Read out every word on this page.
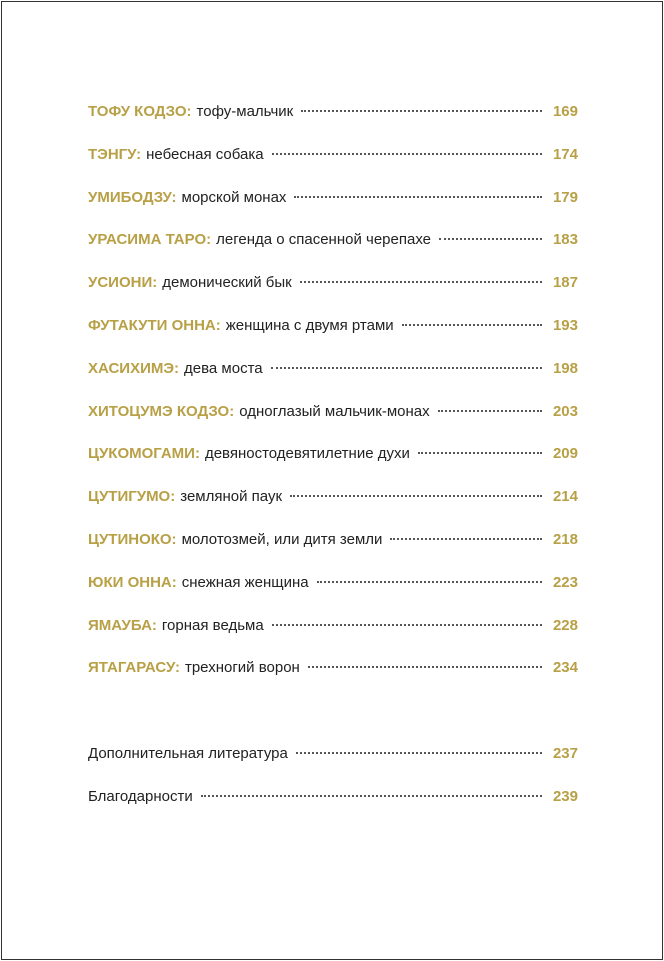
ТОФУ КОДЗО: тофу-мальчик	169
ТЭНГУ: небесная собака	174
УМИБОДЗУ: морской монах	179
УРАСИМА ТАРО: легенда о спасенной черепахе	183
УСИОНИ: демонический бык	187
ФУТАКУТИ ОННА: женщина с двумя ртами	193
ХАСИХИМЭ: дева моста	198
ХИТОЦУМЭ КОДЗО: одноглазый мальчик-монах	203
ЦУКОМОГАМИ: девяностодевятилетние духи	209
ЦУТИГУМО: земляной паук	214
ЦУТИНОКО: молотозмей, или дитя земли	218
ЮКИ ОННА: снежная женщина	223
ЯМАУБА: горная ведьма	228
ЯТАГАРАСУ: трехногий ворон	234
Дополнительная литература	237
Благодарности	239
